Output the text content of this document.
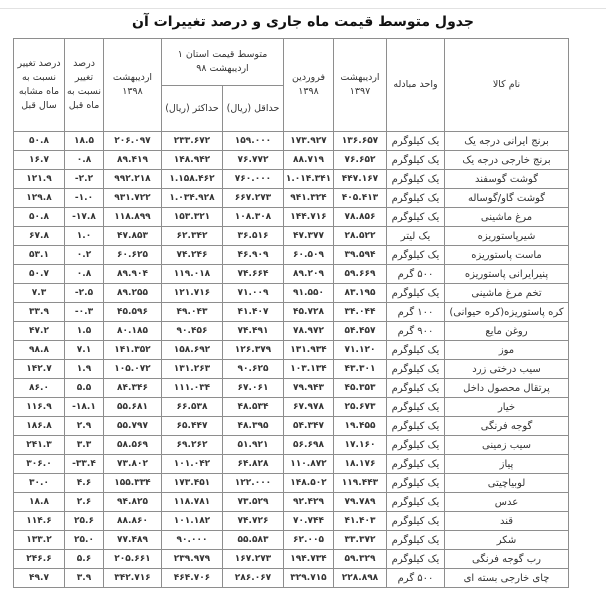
جدول متوسط قیمت ماه جاری و درصد تغییرات آن
نام کالا	واحد مبادله	اردیبهشت ۱۳۹۷	فروردین ۱۳۹۸	متوسط قیمت استان ۱ اردیبهشت ۹۸		اردیبهشت ۱۳۹۸	درصد تغییر نسبت به ماه قبل	درصد تغییر نسبت به ماه مشابه سال قبل
				حداقل (ریال)	حداکثر (ریال)			
برنج ایرانی درجه یک	یک کیلوگرم	۱۳۶.۶۵۷	۱۷۳.۹۲۷	۱۵۹.۰۰۰	۲۳۳.۶۷۲	۲۰۶.۰۹۷	۱۸.۵	۵۰.۸
برنج خارجی درجه یک	یک کیلوگرم	۷۶.۶۵۲	۸۸.۷۱۹	۷۶.۷۷۲	۱۴۸.۹۴۲	۸۹.۴۱۹	۰.۸	۱۶.۷
گوشت گوسفند	یک کیلوگرم	۴۴۷.۱۶۷	۱.۰۱۴.۳۴۱	۷۶۰.۰۰۰	۱.۱۵۸.۴۶۲	۹۹۲.۲۱۸	۲.۲-	۱۲۱.۹
گوشت گاو/گوساله	یک کیلوگرم	۴۰۵.۴۱۳	۹۴۱.۳۲۴	۶۶۷.۲۷۳	۱.۰۳۴.۹۲۸	۹۳۱.۷۲۲	۱.۰-	۱۲۹.۸
مرغ ماشینی	یک کیلوگرم	۷۸.۸۵۶	۱۴۴.۷۱۶	۱۰۸.۳۰۸	۱۵۳.۳۲۱	۱۱۸.۸۹۹	۱۷.۸-	۵۰.۸
شیرپاستوریزه	یک لیتر	۲۸.۵۲۲	۴۷.۳۷۷	۳۶.۵۱۶	۶۲.۳۴۲	۴۷.۸۵۳	۱.۰	۶۷.۸
ماست پاستوریزه	یک کیلوگرم	۳۹.۵۹۴	۶۰.۵۰۹	۴۶.۹۰۹	۷۴.۲۴۶	۶۰.۶۲۵	۰.۲	۵۳.۱
پنیرایرانی پاستوریزه	۵۰۰ گرم	۵۹.۶۶۹	۸۹.۲۰۹	۷۴.۶۶۴	۱۱۹.۰۱۸	۸۹.۹۰۴	۰.۸	۵۰.۷
تخم مرغ ماشینی	یک کیلوگرم	۸۳.۱۹۵	۹۱.۵۵۰	۷۱.۰۰۹	۱۲۱.۷۱۶	۸۹.۲۵۵	۲.۵-	۷.۳
کره پاستوریزه(کره حیوانی)	۱۰۰ گرم	۳۴.۰۴۴	۴۵.۷۲۸	۴۱.۴۰۷	۴۹.۰۴۳	۴۵.۵۹۶	۰.۳-	۳۳.۹
روغن مایع	۹۰۰ گرم	۵۴.۴۵۷	۷۸.۹۷۲	۷۴.۴۹۱	۹۰.۴۵۶	۸۰.۱۸۵	۱.۵	۴۷.۲
موز	یک کیلوگرم	۷۱.۱۲۰	۱۳۱.۹۳۴	۱۲۶.۳۷۹	۱۵۸.۶۹۲	۱۴۱.۳۵۲	۷.۱	۹۸.۸
سیب درختی زرد	یک کیلوگرم	۴۳.۳۰۱	۱۰۳.۱۳۴	۹۰.۶۲۵	۱۳۱.۲۶۳	۱۰۵.۰۷۲	۱.۹	۱۴۲.۷
پرتقال محصول داخل	یک کیلوگرم	۴۵.۳۵۳	۷۹.۹۴۳	۶۷.۰۶۱	۱۱۱.۰۳۴	۸۴.۳۴۶	۵.۵	۸۶.۰
خیار	یک کیلوگرم	۲۵.۶۷۳	۶۷.۹۷۸	۴۸.۵۳۴	۶۶.۵۳۸	۵۵.۶۸۱	۱۸.۱-	۱۱۶.۹
گوجه فرنگی	یک کیلوگرم	۱۹.۴۵۵	۵۴.۳۴۷	۴۸.۳۹۵	۶۵.۴۴۷	۵۵.۷۹۷	۲.۹	۱۸۶.۸
سیب زمینی	یک کیلوگرم	۱۷.۱۶۰	۵۶.۶۹۸	۵۱.۹۲۱	۶۹.۲۶۲	۵۸.۵۶۹	۳.۳	۲۴۱.۳
پیاز	یک کیلوگرم	۱۸.۱۷۶	۱۱۰.۸۷۲	۶۴.۸۲۸	۱۰۱.۰۴۲	۷۳.۸۰۲	۳۳.۴-	۳۰۶.۰
لوبیاچیتی	یک کیلوگرم	۱۱۹.۴۴۳	۱۴۸.۵۰۲	۱۲۲.۰۰۰	۱۷۳.۴۵۱	۱۵۵.۳۳۴	۴.۶	۳۰.۰
عدس	یک کیلوگرم	۷۹.۷۸۹	۹۲.۴۲۹	۷۳.۵۲۹	۱۱۸.۷۸۱	۹۴.۸۲۵	۲.۶	۱۸.۸
قند	یک کیلوگرم	۴۱.۴۰۳	۷۰.۷۴۴	۷۴.۷۲۶	۱۰۱.۱۸۲	۸۸.۸۶۰	۲۵.۶	۱۱۴.۶
شکر	یک کیلوگرم	۳۳.۳۷۲	۶۲.۰۰۵	۵۵.۵۸۳	۹۰.۰۰۰	۷۷.۴۸۹	۲۵.۰	۱۳۳.۲
رب گوجه فرنگی	یک کیلوگرم	۵۹.۳۲۹	۱۹۴.۷۳۴	۱۶۷.۲۷۳	۲۳۹.۹۷۹	۲۰۵.۶۶۱	۵.۶	۲۴۶.۶
چای خارجی بسته ای	۵۰۰ گرم	۲۲۸.۸۹۸	۳۲۹.۷۱۵	۲۸۶.۰۶۷	۴۶۴.۷۰۶	۳۴۲.۷۱۶	۳.۹	۴۹.۷
